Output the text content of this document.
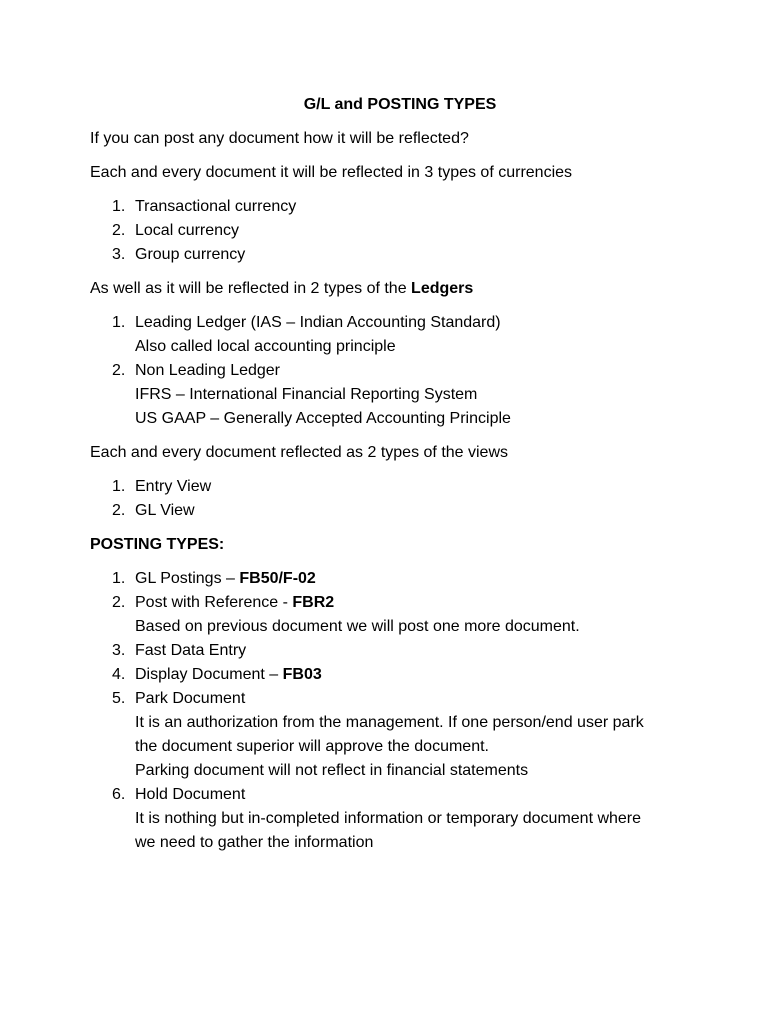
G/L and POSTING TYPES
If you can post any document how it will be reflected?
Each and every document it will be reflected in 3 types of currencies
1. Transactional currency
2. Local currency
3. Group currency
As well as it will be reflected in 2 types of the Ledgers
1. Leading Ledger (IAS – Indian Accounting Standard)
Also called local accounting principle
2. Non Leading Ledger
IFRS – International Financial Reporting System
US GAAP – Generally Accepted Accounting Principle
Each and every document reflected as 2 types of the views
1. Entry View
2. GL View
POSTING TYPES:
1. GL Postings – FB50/F-02
2. Post with Reference - FBR2
Based on previous document we will post one more document.
3. Fast Data Entry
4. Display Document – FB03
5. Park Document
It is an authorization from the management. If one person/end user park
the document superior will approve the document.
Parking document will not reflect in financial statements
6. Hold Document
It is nothing but in-completed information or temporary document where
we need to gather the information
